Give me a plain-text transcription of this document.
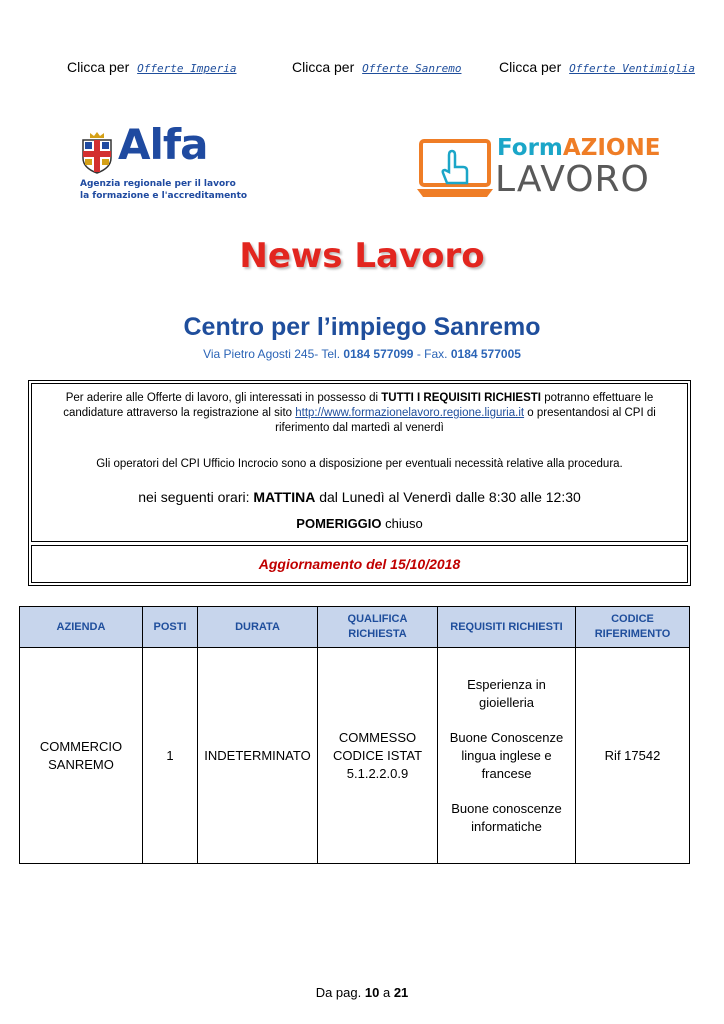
Clicca per Offerte Imperia	Clicca per Offerte Sanremo	Clicca per Offerte Ventimiglia
Alfa
Agenzia regionale per il lavoro
la formazione e l'accreditamento
FormAZIONE
LAVORO
News Lavoro
Centro per l’impiego Sanremo
Via Pietro Agosti 245- Tel. 0184 577099 - Fax. 0184 577005
Per aderire alle Offerte di lavoro, gli interessati in possesso di TUTTI I REQUISITI RICHIESTI potranno effettuare le candidature attraverso la registrazione al sito http://www.formazionelavoro.regione.liguria.it o presentandosi al CPI di riferimento dal martedì al venerdì
Gli operatori del CPI Ufficio Incrocio sono a disposizione per eventuali necessità relative alla procedura.
nei seguenti orari: MATTINA dal Lunedì al Venerdì dalle 8:30 alle 12:30
POMERIGGIO chiuso
Aggiornamento del 15/10/2018
AZIENDA	POSTI	DURATA	QUALIFICA RICHIESTA	REQUISITI RICHIESTI	CODICE RIFERIMENTO
COMMERCIO SANREMO	1	INDETERMINATO	COMMESSO CODICE ISTAT 5.1.2.2.0.9	Esperienza in gioielleria

Buone Conoscenze lingua inglese e francese

Buone conoscenze informatiche	Rif 17542
Da pag. 10 a 21
